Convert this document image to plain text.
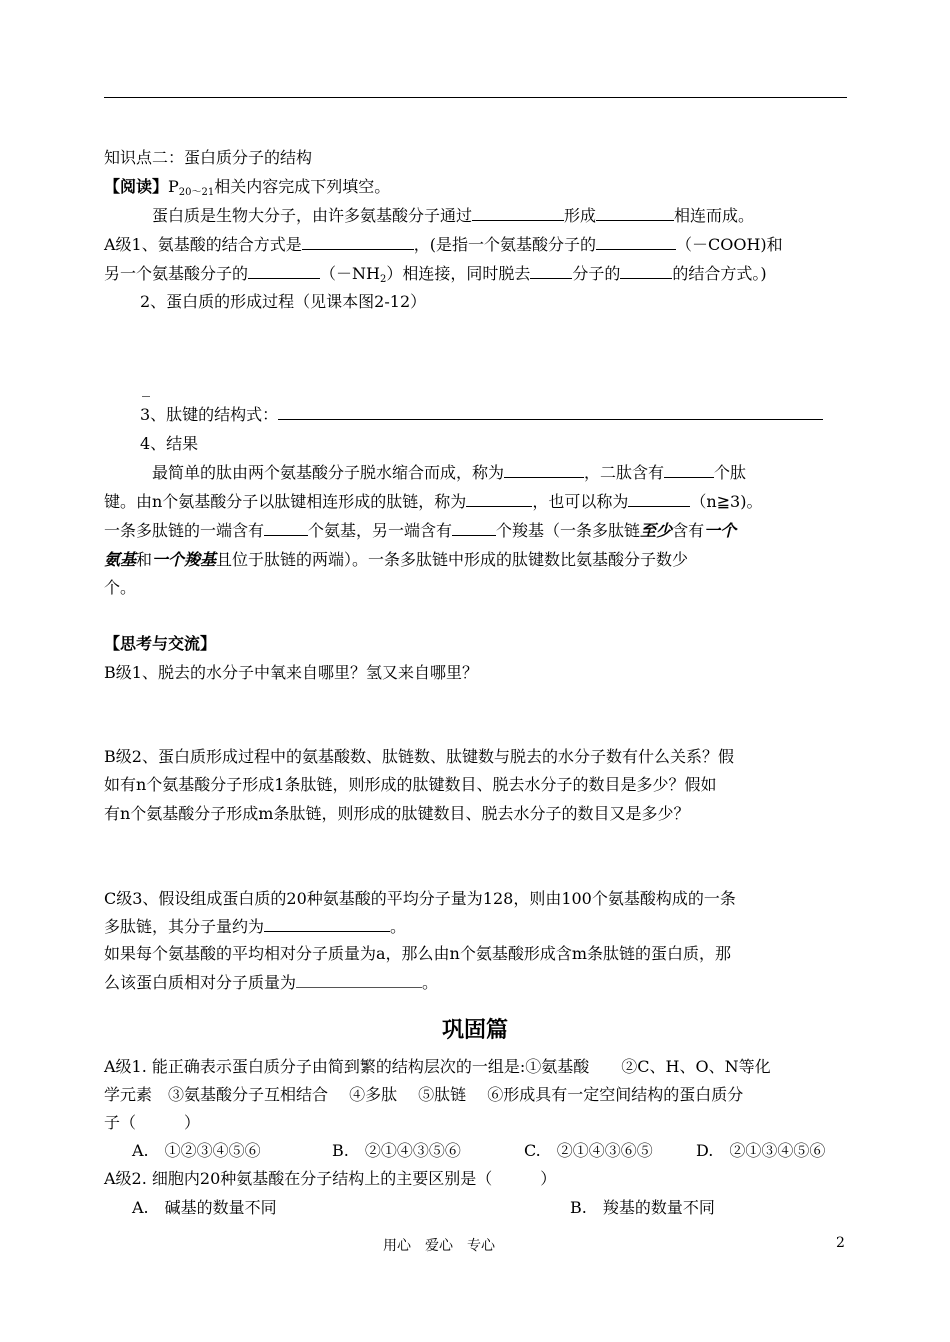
知识点二：蛋白质分子的结构
【阅读】$P_{20\sim 21}$相关内容完成下列填空。
蛋白质是生物大分子，由许多氨基酸分子通过	形成	相连而成。
A级1、氨基酸的结合方式是	，(是指一个氨基酸分子的	（－COOH)和
另一个氨基酸分子的	$(-NH_2)$相连接，同时脱去	分子的	的结合方式。)
2、蛋白质的形成过程（见课本图2-12）
_
3、肽键的结构式：
4、结果
最简单的肽由两个氨基酸分子脱水缩合而成，称为	，二肽含有	个肽
键。由n个氨基酸分子以肽键相连形成的肽链，称为	，也可以称为	（n≧3)。
一条多肽链的一端含有	个氨基，另一端含有	个羧基（一条多肽链至少含有一个
氨基和一个羧基且位于肽链的两端）。一条多肽链中形成的肽键数比氨基酸分子数少
个。
【思考与交流】
B级1、脱去的水分子中氧来自哪里？氢又来自哪里？
B级2、蛋白质形成过程中的氨基酸数、肽链数、肽键数与脱去的水分子数有什么关系？假
如有n个氨基酸分子形成1条肽链，则形成的肽键数目、脱去水分子的数目是多少？假如
有n个氨基酸分子形成m条肽链，则形成的肽键数目、脱去水分子的数目又是多少？
C级3、假设组成蛋白质的20种氨基酸的平均分子量为128，则由100个氨基酸构成的一条
多肽链，其分子量约为	。
如果每个氨基酸的平均相对分子质量为a，那么由n个氨基酸形成含m条肽链的蛋白质，那
么该蛋白质相对分子质量为	。
巩固篇
A级1. 能正确表示蛋白质分子由简到繁的结构层次的一组是:①氨基酸　　②C、H、O、N等化
学元素　③氨基酸分子互相结合　 ④多肽　 ⑤肽链　 ⑥形成具有一定空间结构的蛋白质分
子（　　　）
A.　①②③④⑤⑥	B.　②①④③⑤⑥	C.　②①④③⑥⑤	D.　②①③④⑤⑥
A级2. 细胞内20种氨基酸在分子结构上的主要区别是（　　　）
A.　碱基的数量不同	B.　羧基的数量不同
用心　爱心　专心	2
